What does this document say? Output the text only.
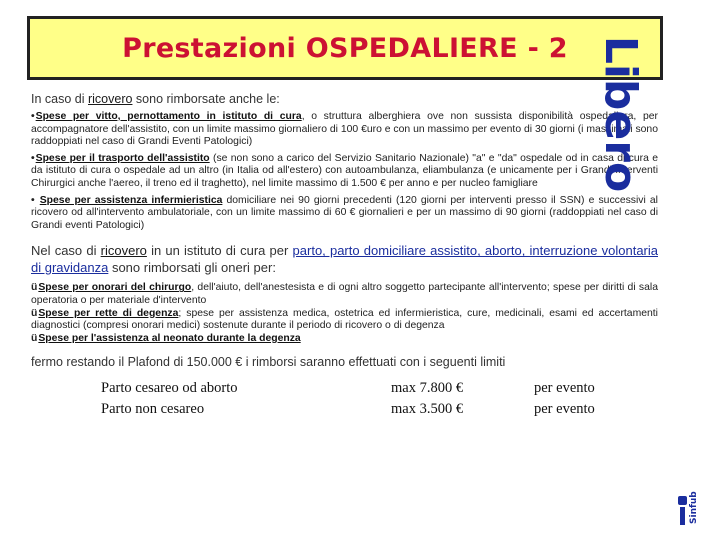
Prestazioni OSPEDALIERE - 2

In caso di ricovero sono rimborsate anche le:

•Spese per vitto, pernottamento in istituto di cura, o struttura alberghiera ove non sussista disponibilità ospedaliera, per accompagnatore dell'assistito, con un limite massimo giornaliero di 100 €uro e con un massimo per evento di 30 giorni (i massimali sono raddoppiati nel caso di Grandi Eventi Patologici)

•Spese per il trasporto dell'assistito (se non sono a carico del Servizio Sanitario Nazionale) "a" e "da" ospedale od in casa di cura e da istituto di cura o ospedale ad un altro (in Italia od all'estero) con autoambulanza, eliambulanza (e unicamente per i Grandi Interventi Chirurgici anche l'aereo, il treno ed il traghetto), nel limite massimo di 1.500 € per anno e per nucleo famigliare

• Spese per assistenza infermieristica domiciliare nei 90 giorni precedenti (120 giorni per interventi presso il SSN) e successivi al ricovero od all'intervento ambulatoriale, con un limite massimo di 60 € giornalieri e per un massimo di 90 giorni (raddoppiati nel caso di Grandi eventi Patologici)

Nel caso di ricovero in un istituto di cura per parto, parto domiciliare assistito, aborto, interruzione volontaria di gravidanza sono rimborsati gli oneri per:

üSpese per onorari del chirurgo, dell'aiuto, dell'anestesista e di ogni altro soggetto partecipante all'intervento; spese per diritti di sala operatoria o per materiale d'intervento

üSpese per rette di degenza; spese per assistenza medica, ostetrica ed infermieristica, cure, medicinali, esami ed accertamenti diagnostici (compresi onorari medici) sostenute durante il periodo di ricovero o di degenza

üSpese per l'assistenza al neonato durante la degenza

fermo restando il Plafond di 150.000 € i rimborsi saranno effettuati con i seguenti limiti

Parto cesareo od aborto	max 7.800 €	per evento
Parto non cesareo	max 3.500 €	per evento
Libero
Sinfub
